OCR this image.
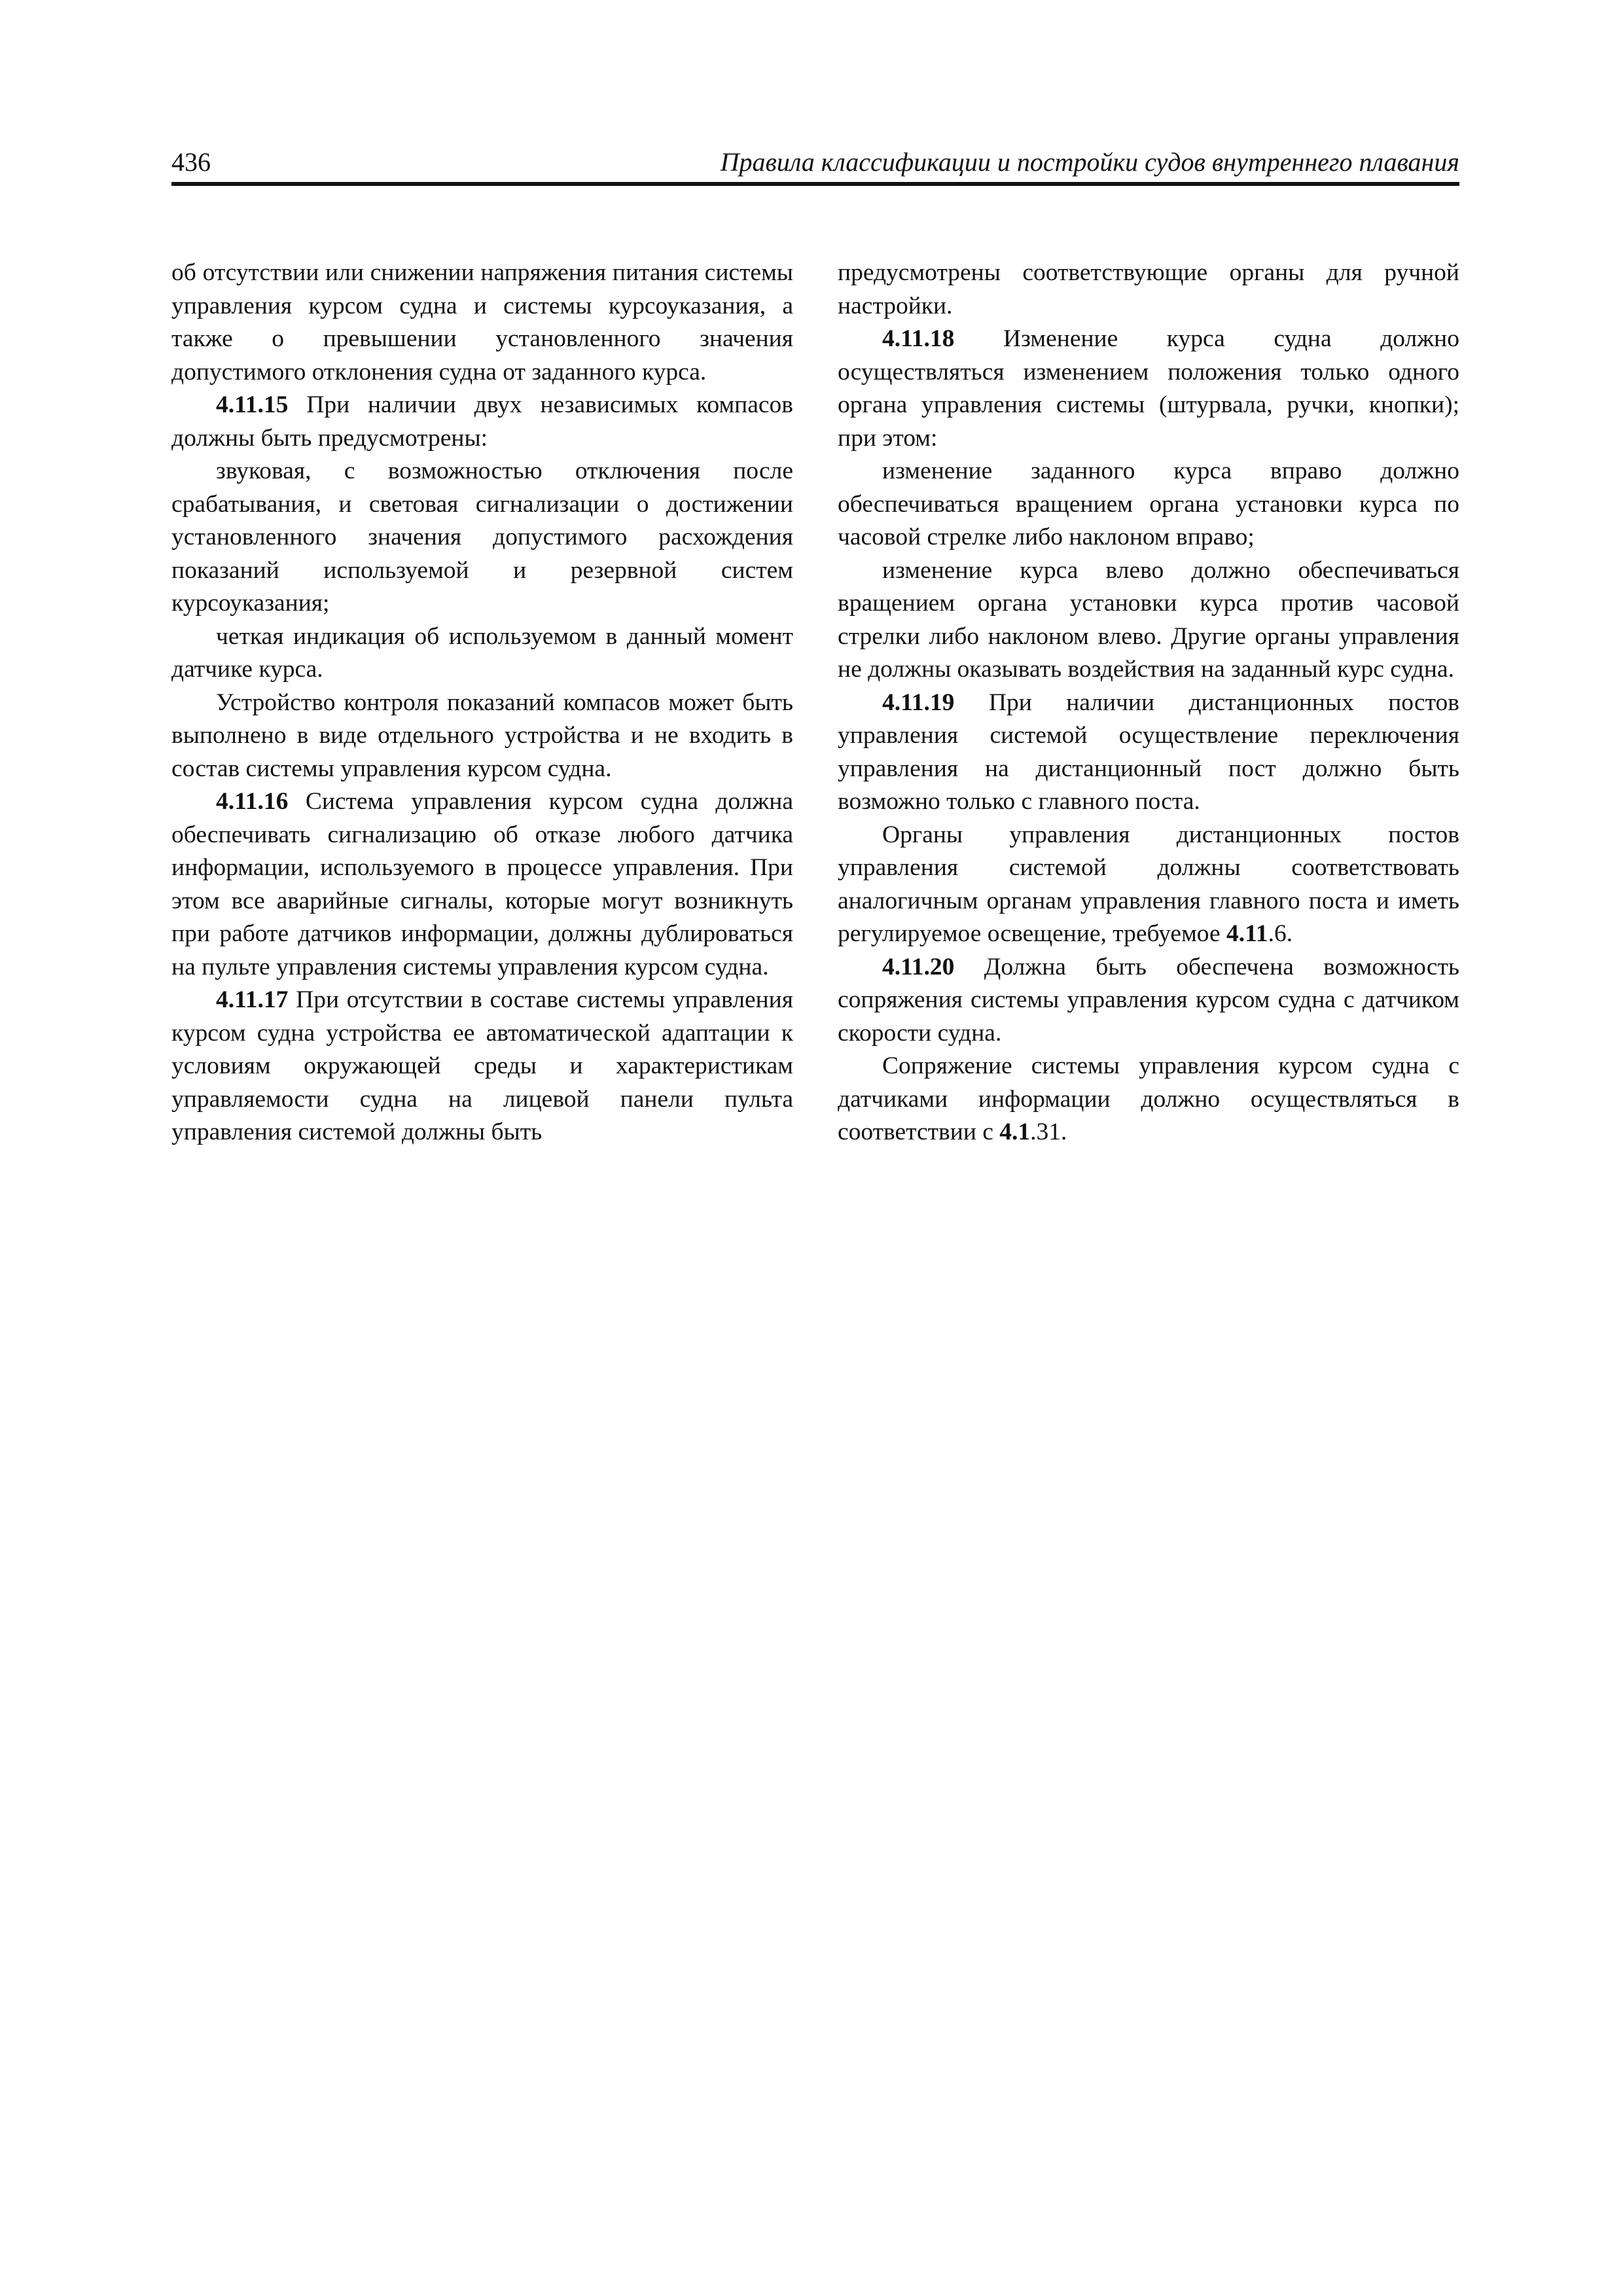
436	Правила классификации и постройки судов внутреннего плавания

об отсутствии или снижении напряжения питания системы управления курсом судна и системы курсоуказания, а также о превышении установленного значения допустимого отклонения судна от заданного курса.

4.11.15 При наличии двух независимых компасов должны быть предусмотрены:

звуковая, с возможностью отключения после срабатывания, и световая сигнализации о достижении установленного значения допустимого расхождения показаний используемой и резервной систем курсоуказания;

четкая индикация об используемом в данный момент датчике курса.

Устройство контроля показаний компасов может быть выполнено в виде отдельного устройства и не входить в состав системы управления курсом судна.

4.11.16 Система управления курсом судна должна обеспечивать сигнализацию об отказе любого датчика информации, используемого в процессе управления. При этом все аварийные сигналы, которые могут возникнуть при работе датчиков информации, должны дублироваться на пульте управления системы управления курсом судна.

4.11.17 При отсутствии в составе системы управления курсом судна устройства ее автоматической адаптации к условиям окружающей среды и характеристикам управляемости судна на лицевой панели пульта управления системой должны быть

предусмотрены соответствующие органы для ручной настройки.

4.11.18 Изменение курса судна должно осуществляться изменением положения только одного органа управления системы (штурвала, ручки, кнопки); при этом:

изменение заданного курса вправо должно обеспечиваться вращением органа установки курса по часовой стрелке либо наклоном вправо;

изменение курса влево должно обеспечиваться вращением органа установки курса против часовой стрелки либо наклоном влево. Другие органы управления не должны оказывать воздействия на заданный курс судна.

4.11.19 При наличии дистанционных постов управления системой осуществление переключения управления на дистанционный пост должно быть возможно только с главного поста.

Органы управления дистанционных постов управления системой должны соответствовать аналогичным органам управления главного поста и иметь регулируемое освещение, требуемое 4.11.6.

4.11.20 Должна быть обеспечена возможность сопряжения системы управления курсом судна с датчиком скорости судна.

Сопряжение системы управления курсом судна с датчиками информации должно осуществляться в соответствии с 4.1.31.
